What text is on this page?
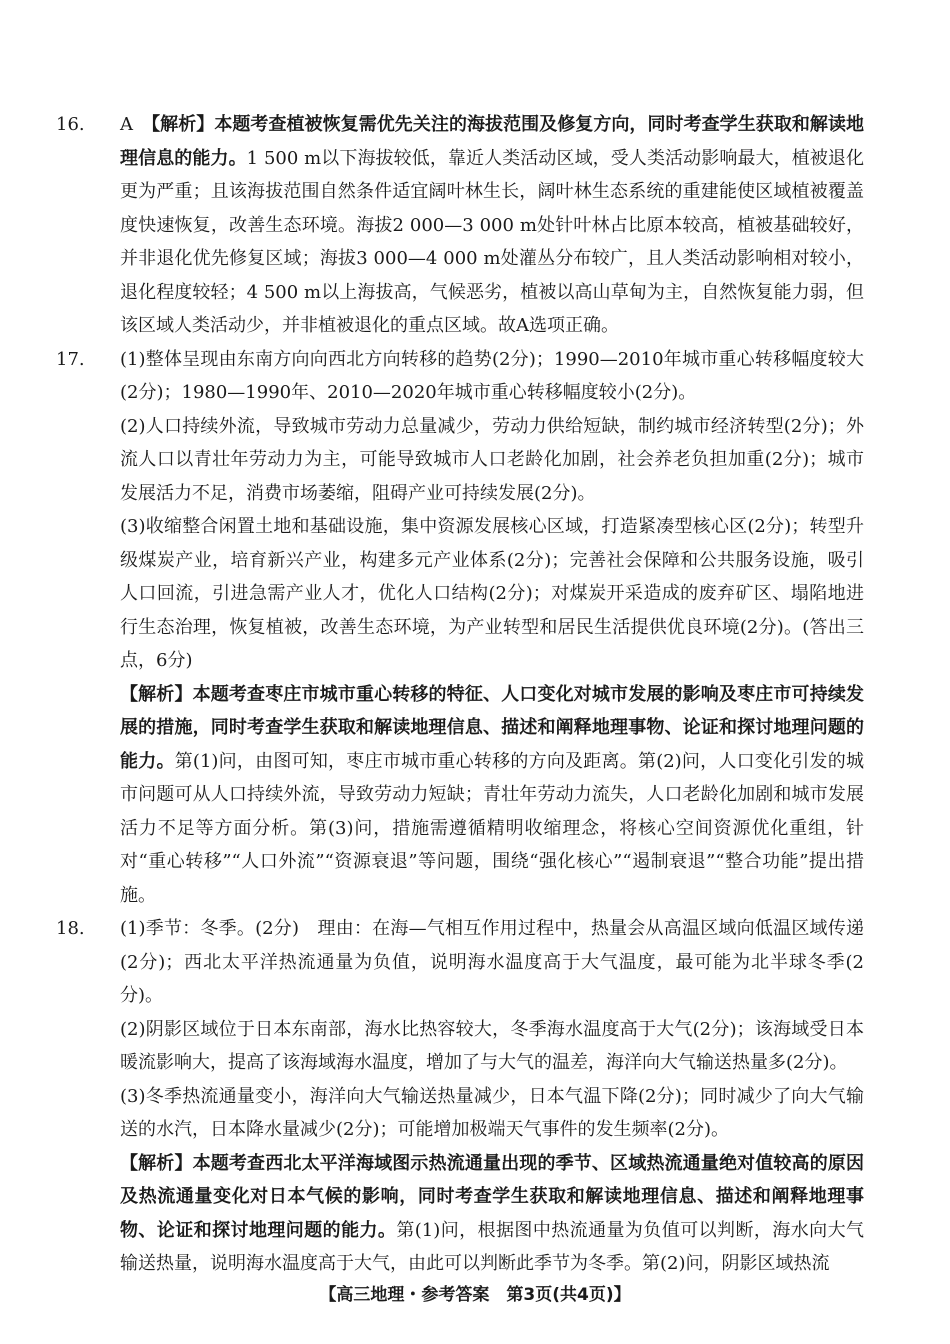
16. A　 【解析】本题考查植被恢复需优先关注的海拔范围及修复方向，同时考查学生获取和解读地理信息的能力。1 500 m以下海拔较低，靠近人类活动区域，受人类活动影响最大，植被退化更为严重；且该海拔范围自然条件适宜阔叶林生长，阔叶林生态系统的重建能使区域植被覆盖度快速恢复，改善生态环境。海拔2 000—3 000 m处针叶林占比原本较高，植被基础较好，并非退化优先修复区域；海拔3 000—4 000 m处灌丛分布较广，且人类活动影响相对较小，退化程度较轻；4 500 m以上海拔高，气候恶劣，植被以高山草甸为主，自然恢复能力弱，但该区域人类活动少，并非植被退化的重点区域。故A选项正确。

17. (1)整体呈现由东南方向向西北方向转移的趋势(2分)；1990—2010年城市重心转移幅度较大(2分)；1980—1990年、2010—2020年城市重心转移幅度较小(2分)。

(2)人口持续外流，导致城市劳动力总量减少，劳动力供给短缺，制约城市经济转型(2分)；外流人口以青壮年劳动力为主，可能导致城市人口老龄化加剧，社会养老负担加重(2分)；城市发展活力不足，消费市场萎缩，阻碍产业可持续发展(2分)。

(3)收缩整合闲置土地和基础设施，集中资源发展核心区域，打造紧凑型核心区(2分)；转型升级煤炭产业，培育新兴产业，构建多元产业体系(2分)；完善社会保障和公共服务设施，吸引人口回流，引进急需产业人才，优化人口结构(2分)；对煤炭开采造成的废弃矿区、塌陷地进行生态治理，恢复植被，改善生态环境，为产业转型和居民生活提供优良环境(2分)。(答出三点，6分)

【解析】本题考查枣庄市城市重心转移的特征、人口变化对城市发展的影响及枣庄市可持续发展的措施，同时考查学生获取和解读地理信息、描述和阐释地理事物、论证和探讨地理问题的能力。第(1)问，由图可知，枣庄市城市重心转移的方向及距离。第(2)问，人口变化引发的城市问题可从人口持续外流，导致劳动力短缺；青壮年劳动力流失，人口老龄化加剧和城市发展活力不足等方面分析。第(3)问，措施需遵循精明收缩理念，将核心空间资源优化重组，针对“重心转移”“人口外流”“资源衰退”等问题，围绕“强化核心”“遏制衰退”“整合功能”提出措施。

18. (1)季节：冬季。(2分)　理由：在海—气相互作用过程中，热量会从高温区域向低温区域传递(2分)；西北太平洋热流通量为负值，说明海水温度高于大气温度，最可能为北半球冬季(2分)。

(2)阴影区域位于日本东南部，海水比热容较大，冬季海水温度高于大气(2分)；该海域受日本暖流影响大，提高了该海域海水温度，增加了与大气的温差，海洋向大气输送热量多(2分)。

(3)冬季热流通量变小，海洋向大气输送热量减少，日本气温下降(2分)；同时减少了向大气输送的水汽，日本降水量减少(2分)；可能增加极端天气事件的发生频率(2分)。

【解析】本题考查西北太平洋海域图示热流通量出现的季节、区域热流通量绝对值较高的原因及热流通量变化对日本气候的影响，同时考查学生获取和解读地理信息、描述和阐释地理事物、论证和探讨地理问题的能力。第(1)问，根据图中热流通量为负值可以判断，海水向大气输送热量，说明海水温度高于大气，由此可以判断此季节为冬季。第(2)问，阴影区域热流

【高三地理・参考答案　第3页(共4页)】
